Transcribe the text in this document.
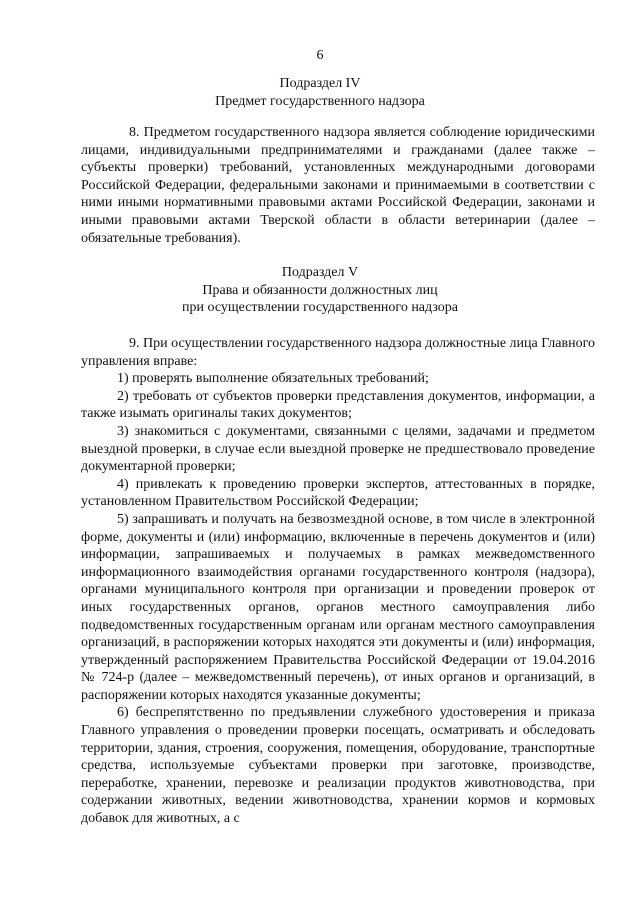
6
Подраздел IV
Предмет государственного надзора

8. Предметом государственного надзора является соблюдение юридическими лицами, индивидуальными предпринимателями и гражданами (далее также – субъекты проверки) требований, установленных международными договорами Российской Федерации, федеральными законами и принимаемыми в соответствии с ними иными нормативными правовыми актами Российской Федерации, законами и иными правовыми актами Тверской области в области ветеринарии (далее – обязательные требования).

Подраздел V
Права и обязанности должностных лиц
при осуществлении государственного надзора

9. При осуществлении государственного надзора должностные лица Главного управления вправе:

1) проверять выполнение обязательных требований;

2) требовать от субъектов проверки представления документов, информации, а также изымать оригиналы таких документов;

3) знакомиться с документами, связанными с целями, задачами и предметом выездной проверки, в случае если выездной проверке не предшествовало проведение документарной проверки;

4) привлекать к проведению проверки экспертов, аттестованных в порядке, установленном Правительством Российской Федерации;

5) запрашивать и получать на безвозмездной основе, в том числе в электронной форме, документы и (или) информацию, включенные в перечень документов и (или) информации, запрашиваемых и получаемых в рамках межведомственного информационного взаимодействия органами государственного контроля (надзора), органами муниципального контроля при организации и проведении проверок от иных государственных органов, органов местного самоуправления либо подведомственных государственным органам или органам местного самоуправления организаций, в распоряжении которых находятся эти документы и (или) информация, утвержденный распоряжением Правительства Российской Федерации от 19.04.2016 № 724-р (далее – межведомственный перечень), от иных органов и организаций, в распоряжении которых находятся указанные документы;

6) беспрепятственно по предъявлении служебного удостоверения и приказа Главного управления о проведении проверки посещать, осматривать и обследовать территории, здания, строения, сооружения, помещения, оборудование, транспортные средства, используемые субъектами проверки при заготовке, производстве, переработке, хранении, перевозке и реализации продуктов животноводства, при содержании животных, ведении животноводства, хранении кормов и кормовых добавок для животных, а с
